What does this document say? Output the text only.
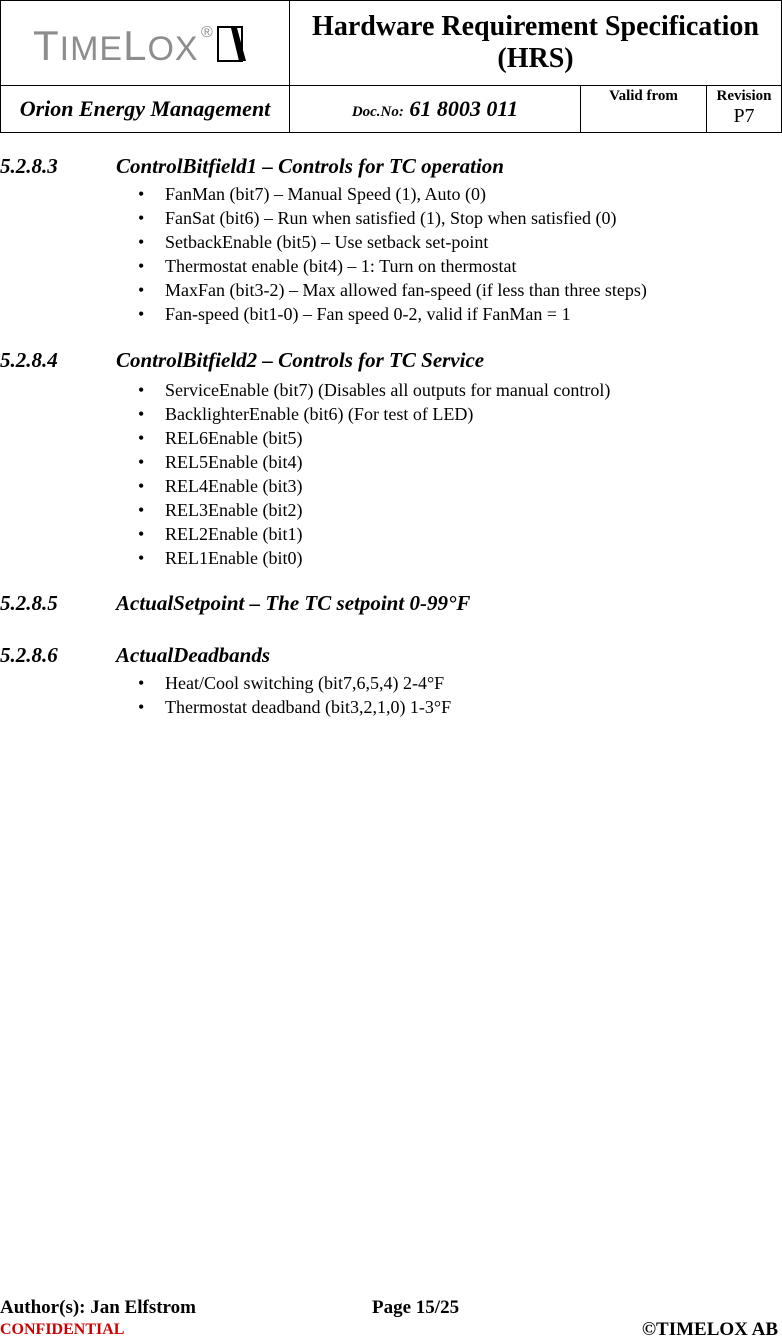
TIMELOX ®	Hardware Requirement Specification (HRS)		
Orion Energy Management	Doc.No: 61 8003 011	Valid from	Revision
P7
5.2.8.3	ControlBitfield1 – Controls for TC operation
• FanMan (bit7) – Manual Speed (1), Auto (0)
• FanSat (bit6) – Run when satisfied (1), Stop when satisfied (0)
• SetbackEnable (bit5) – Use setback set-point
• Thermostat enable (bit4) – 1: Turn on thermostat
• MaxFan (bit3-2) – Max allowed fan-speed (if less than three steps)
• Fan-speed (bit1-0) – Fan speed 0-2, valid if FanMan = 1
5.2.8.4	ControlBitfield2 – Controls for TC Service
• ServiceEnable (bit7) (Disables all outputs for manual control)
• BacklighterEnable (bit6) (For test of LED)
• REL6Enable (bit5)
• REL5Enable (bit4)
• REL4Enable (bit3)
• REL3Enable (bit2)
• REL2Enable (bit1)
• REL1Enable (bit0)
5.2.8.5	ActualSetpoint – The TC setpoint 0-99°F
5.2.8.6	ActualDeadbands
• Heat/Cool switching (bit7,6,5,4) 2-4°F
• Thermostat deadband (bit3,2,1,0) 1-3°F
Author(s): Jan Elfstrom	Page 15/25
CONFIDENTIAL	©TIMELOX AB
